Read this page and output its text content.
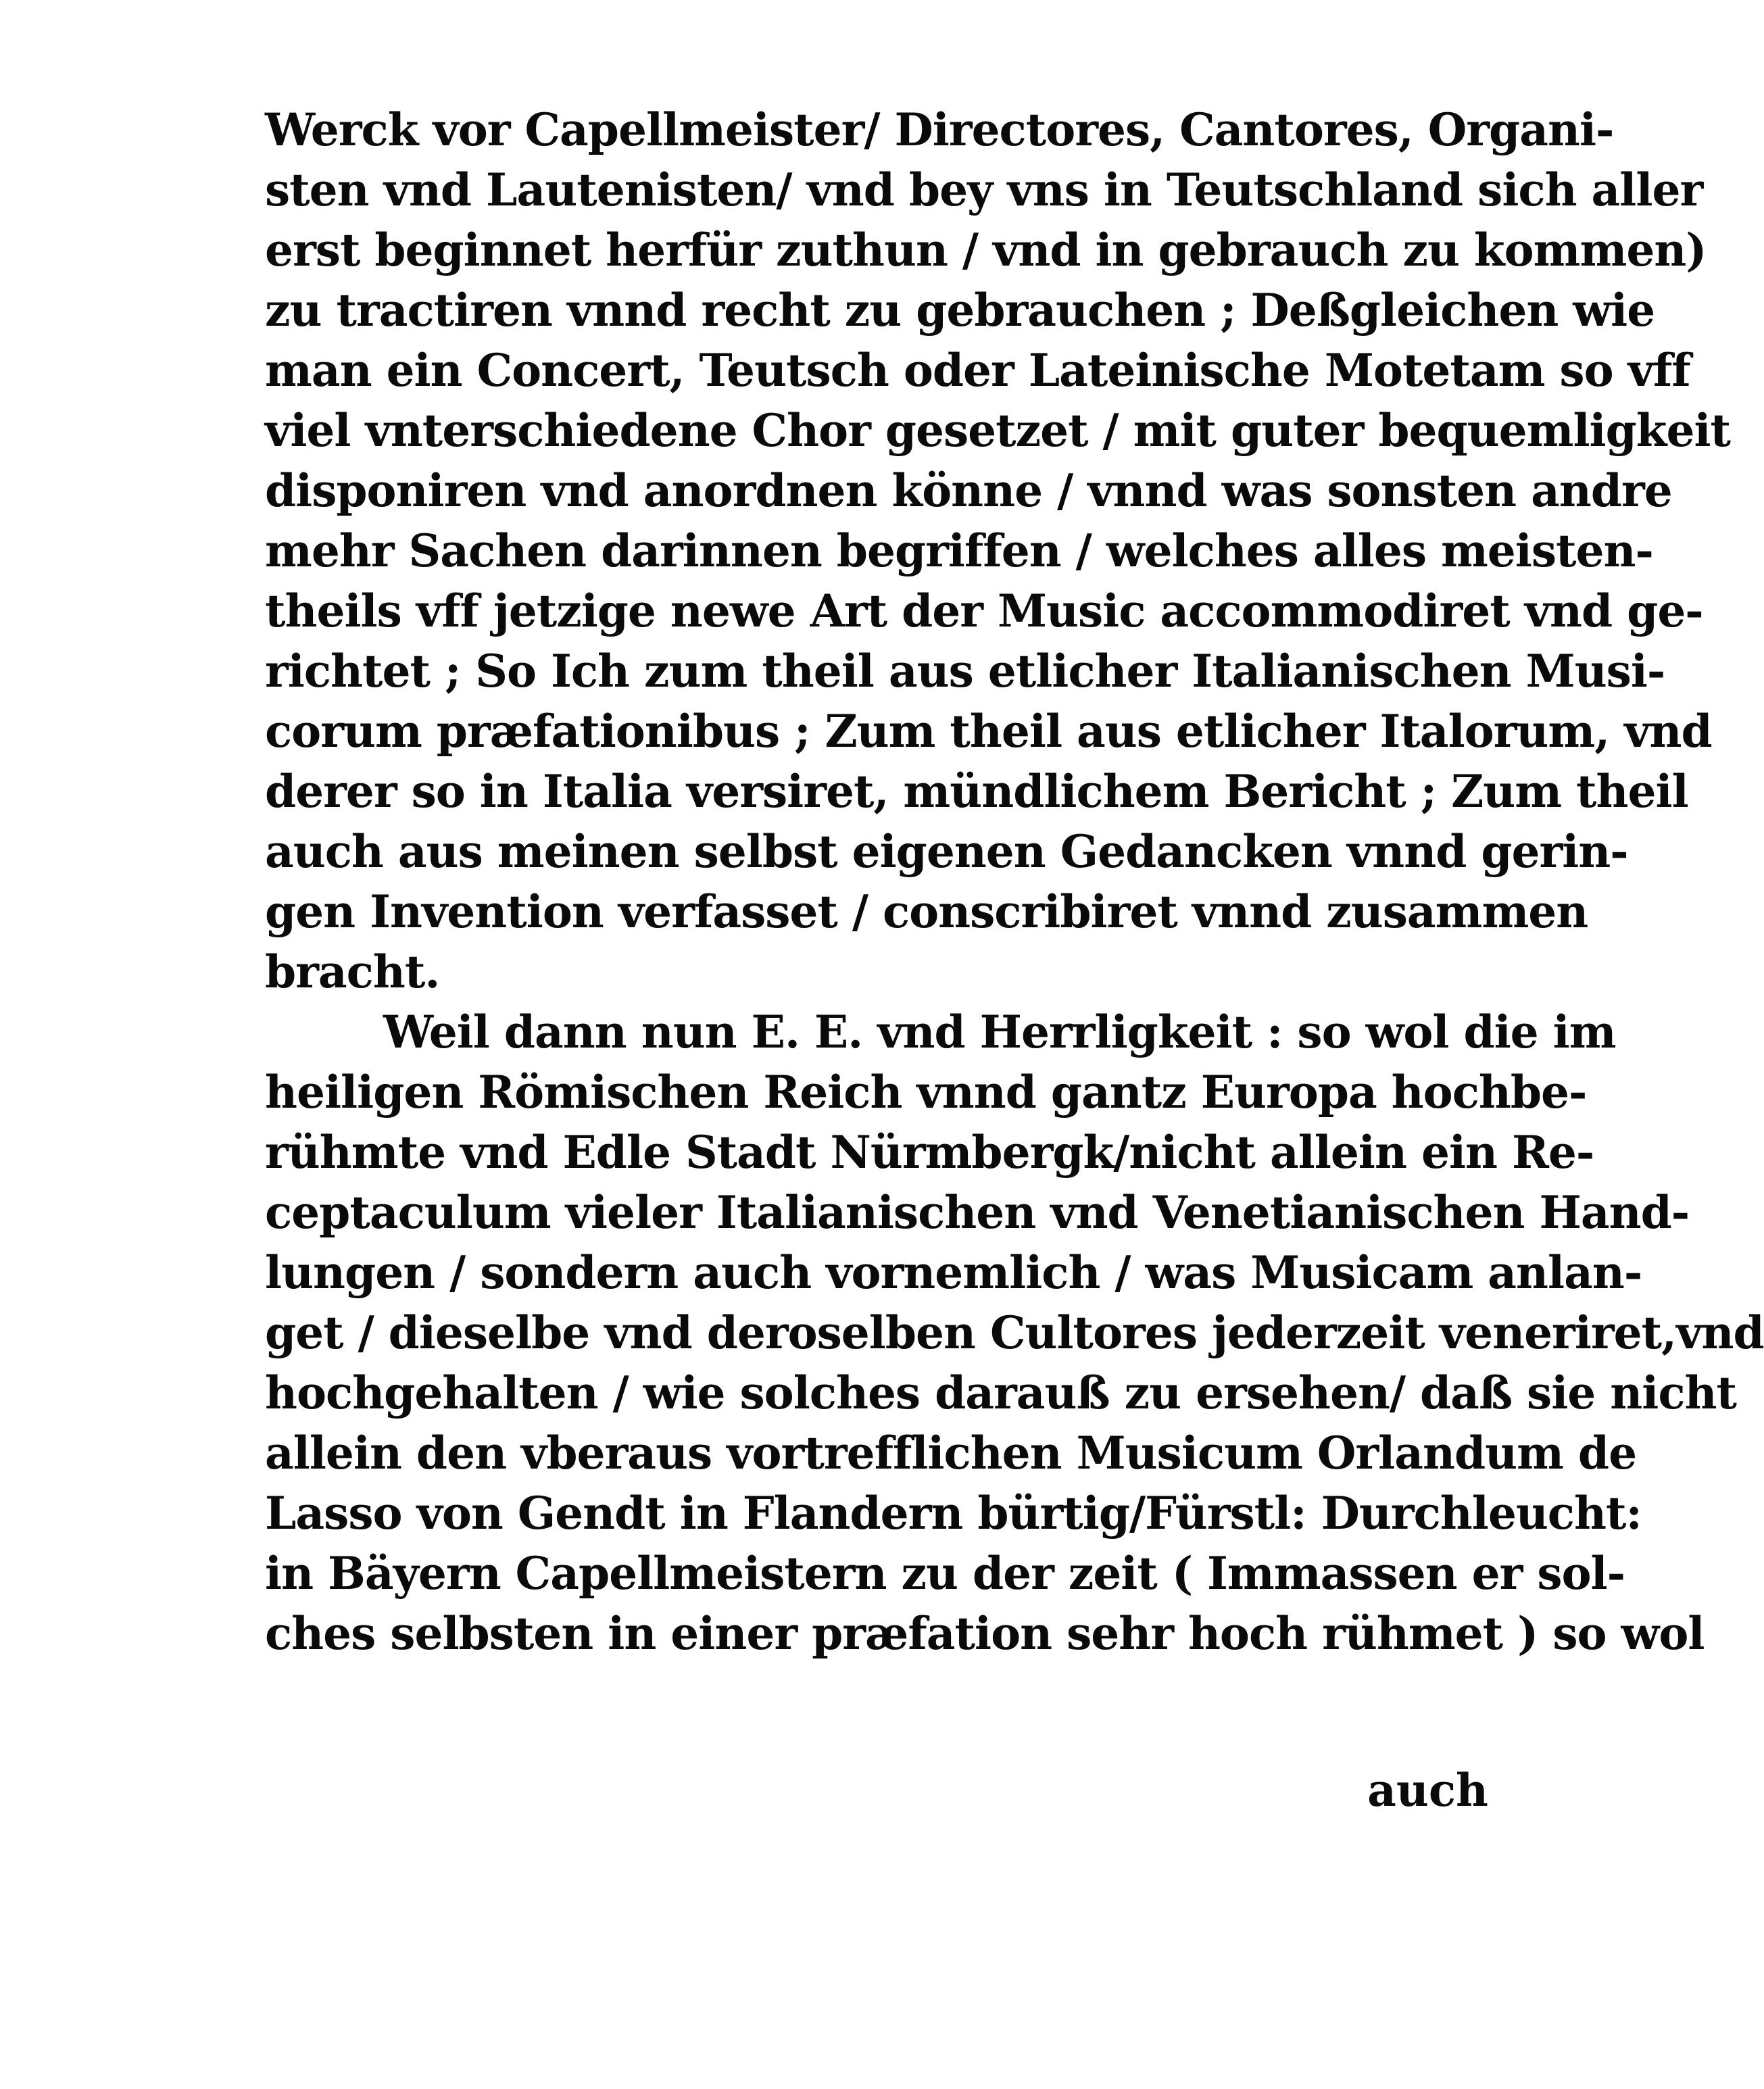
Werck vor Capellmeister/ Directores, Cantores, Organi-
sten vnd Lautenisten/ vnd bey vns in Teutschland sich aller
erst beginnet herfür zuthun / vnd in gebrauch zu kommen)
zu tractiren vnnd recht zu gebrauchen ; Deßgleichen wie
man ein Concert, Teutsch oder Lateinische Motetam so vff
viel vnterschiedene Chor gesetzet / mit guter bequemligkeit
disponiren vnd anordnen könne / vnnd was sonsten andre
mehr Sachen darinnen begriffen / welches alles meisten-
theils vff jetzige newe Art der Music accommodiret vnd ge-
richtet ; So Ich zum theil aus etlicher Italianischen Musi-
corum præfationibus ; Zum theil aus etlicher Italorum, vnd
derer so in Italia versiret, mündlichem Bericht ; Zum theil
auch aus meinen selbst eigenen Gedancken vnnd gerin-
gen Invention verfasset / conscribiret vnnd zusammen
bracht.
Weil dann nun E. E. vnd Herrligkeit : so wol die im
heiligen Römischen Reich vnnd gantz Europa hochbe-
rühmte vnd Edle Stadt Nürmbergk/nicht allein ein Re-
ceptaculum vieler Italianischen vnd Venetianischen Hand-
lungen / sondern auch vornemlich / was Musicam anlan-
get / dieselbe vnd deroselben Cultores jederzeit veneriret,vnd
hochgehalten / wie solches darauß zu ersehen/ daß sie nicht
allein den vberaus vortrefflichen Musicum Orlandum de
Lasso von Gendt in Flandern bürtig/Fürstl: Durchleucht:
in Bäyern Capellmeistern zu der zeit ( Immassen er sol-
ches selbsten in einer præfation sehr hoch rühmet ) so wol
auch
